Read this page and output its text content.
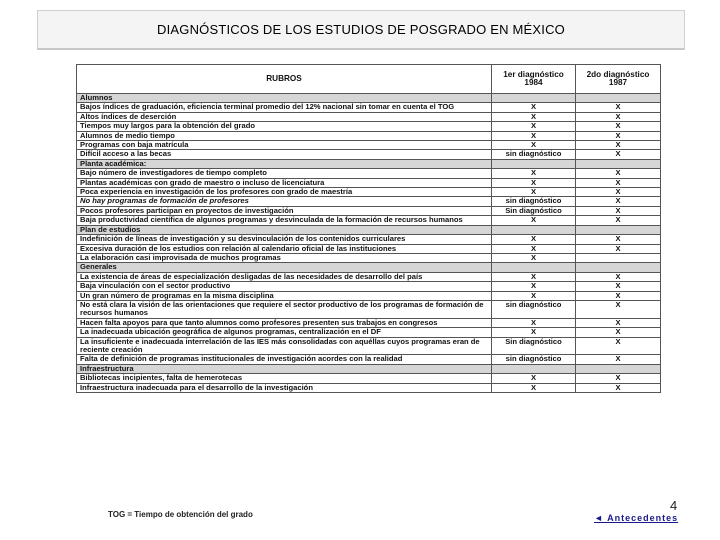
DIAGNÓSTICOS DE LOS ESTUDIOS DE POSGRADO EN MÉXICO
RUBROS	1er diagnóstico 1984	2do diagnóstico 1987
Alumnos		
Bajos índices de graduación, eficiencia terminal promedio del 12% nacional sin tomar en cuenta el TOG	X	X
Altos índices de deserción	X	X
Tiempos muy largos para la obtención del grado	X	X
Alumnos de medio tiempo	X	X
Programas con baja matrícula	X	X
Difícil acceso a las becas	sin diagnóstico	X
Planta académica:		
Bajo número de investigadores de tiempo completo	X	X
Plantas académicas con grado de maestro o incluso de licenciatura	X	X
Poca experiencia en investigación de los profesores con grado de maestría	X	X
No hay programas de formación de profesores	sin diagnóstico	X
Pocos profesores participan en proyectos de investigación	Sin diagnóstico	X
Baja productividad científica de algunos programas y desvinculada de la formación de recursos humanos	X	X
Plan de estudios		
Indefinición de líneas de investigación y su desvinculación de los contenidos curriculares	X	X
Excesiva duración de los estudios con relación al calendario oficial de las instituciones	X	X
La elaboración casi improvisada de muchos programas	X	
Generales		
La existencia de áreas de especialización desligadas de las necesidades de desarrollo del país	X	X
Baja vinculación con el sector productivo	X	X
Un gran número de programas en la misma disciplina	X	X
No está clara la visión de las orientaciones que requiere el sector productivo de los programas de formación de recursos humanos	sin diagnóstico	X
Hacen falta apoyos para que tanto alumnos como profesores presenten sus trabajos en congresos	X	X
La inadecuada ubicación geográfica de algunos programas, centralización en el DF	X	X
La insuficiente e inadecuada interrelación de las IES más consolidadas con aquéllas cuyos programas eran de reciente creación	Sin diagnóstico	X
Falta de definición de programas institucionales de investigación acordes con la realidad	sin diagnóstico	X
Infraestructura		
Bibliotecas incipientes, falta de hemerotecas	X	X
Infraestructura inadecuada para el desarrollo de la investigación	X	X
TOG = Tiempo de obtención del grado
4
◄ Antecedentes
